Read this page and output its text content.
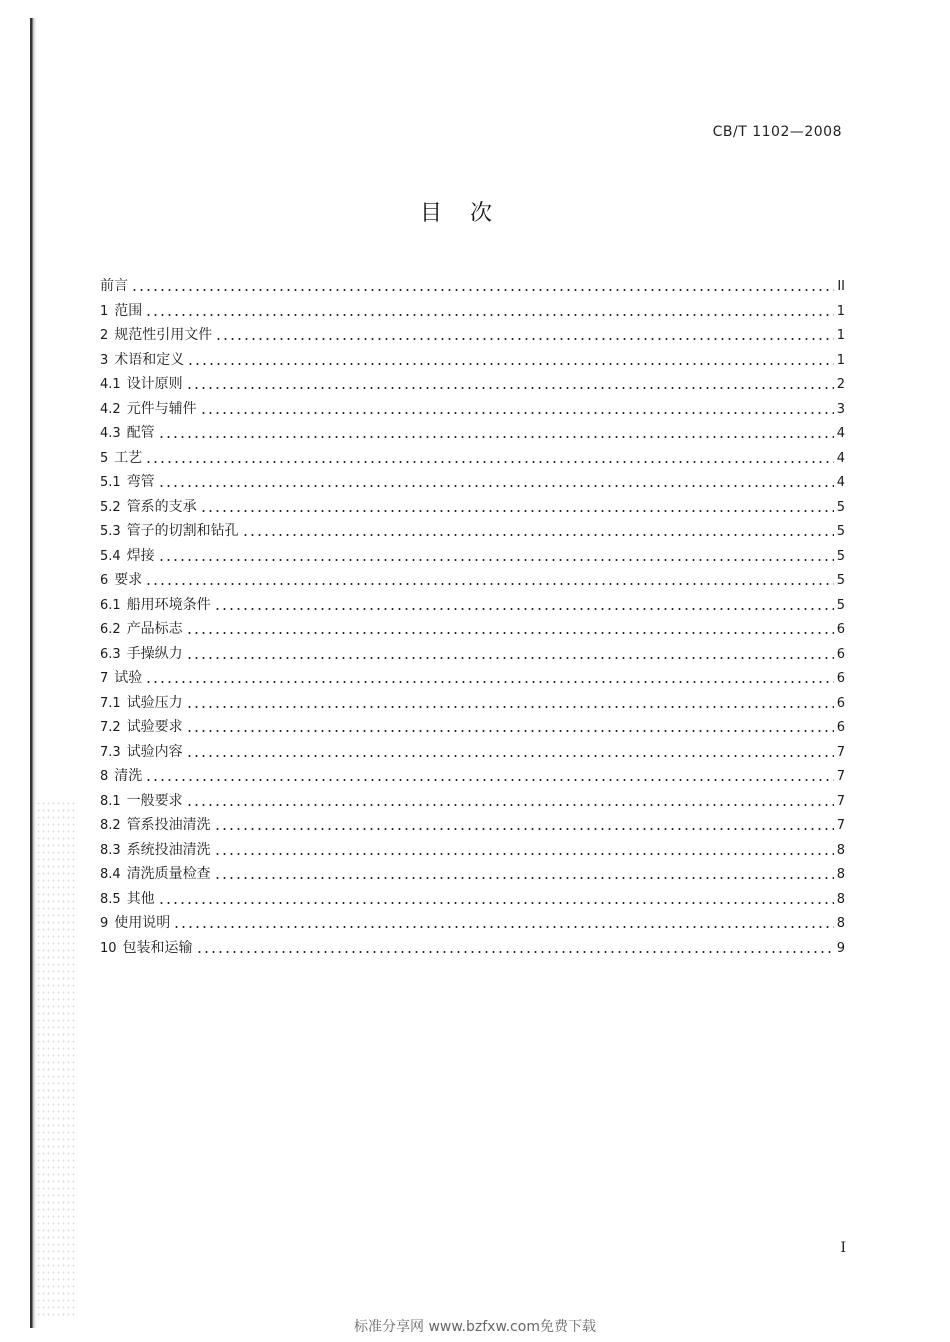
CB/T 1102—2008
目次
前言	II
1 范围	1
2 规范性引用文件	1
3 术语和定义	1
4.1 设计原则	2
4.2 元件与辅件	3
4.3 配管	4
5 工艺	4
5.1 弯管	4
5.2 管系的支承	5
5.3 管子的切割和钻孔	5
5.4 焊接	5
6 要求	5
6.1 船用环境条件	5
6.2 产品标志	6
6.3 手操纵力	6
7 试验	6
7.1 试验压力	6
7.2 试验要求	6
7.3 试验内容	7
8 清洗	7
8.1 一般要求	7
8.2 管系投油清洗	7
8.3 系统投油清洗	8
8.4 清洗质量检查	8
8.5 其他	8
9 使用说明	8
10 包装和运输	9
I
标准分享网 www.bzfxw.com免费下载
